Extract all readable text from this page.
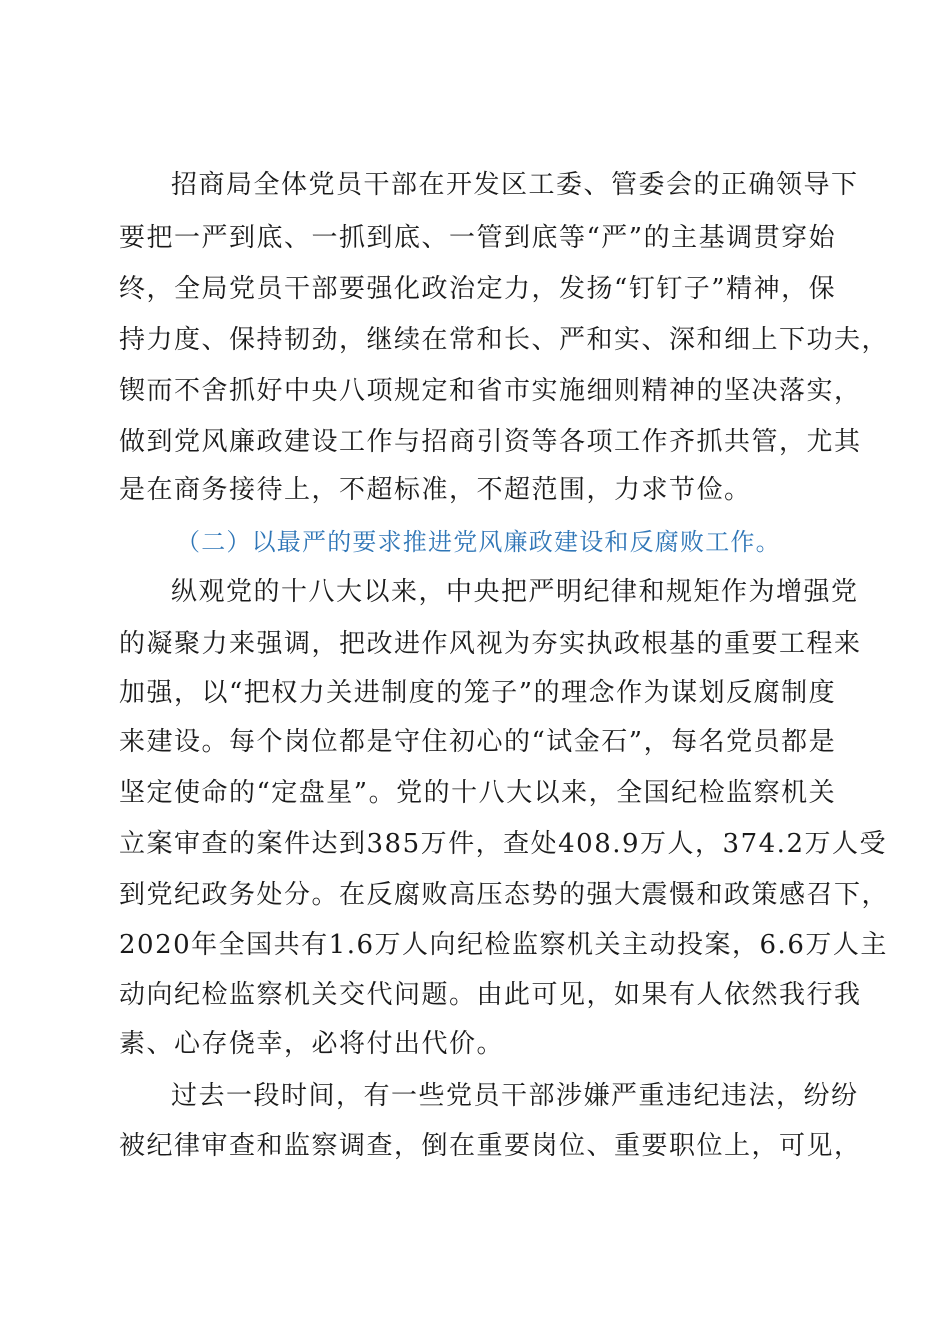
招商局全体党员干部在开发区工委、管委会的正确领导下
要把一严到底、一抓到底、一管到底等“严”的主基调贯穿始
终，全局党员干部要强化政治定力，发扬“钉钉子”精神，保
持力度、保持韧劲，继续在常和长、严和实、深和细上下功夫，
锲而不舍抓好中央八项规定和省市实施细则精神的坚决落实，
做到党风廉政建设工作与招商引资等各项工作齐抓共管，尤其
是在商务接待上，不超标准，不超范围，力求节俭。
（二）以最严的要求推进党风廉政建设和反腐败工作。
纵观党的十八大以来，中央把严明纪律和规矩作为增强党
的凝聚力来强调，把改进作风视为夯实执政根基的重要工程来
加强，以“把权力关进制度的笼子”的理念作为谋划反腐制度
来建设。每个岗位都是守住初心的“试金石”，每名党员都是
坚定使命的“定盘星”。党的十八大以来，全国纪检监察机关
立案审查的案件达到385万件，查处408.9万人，374.2万人受
到党纪政务处分。在反腐败高压态势的强大震慑和政策感召下，
2020年全国共有1.6万人向纪检监察机关主动投案，6.6万人主
动向纪检监察机关交代问题。由此可见，如果有人依然我行我
素、心存侥幸，必将付出代价。
过去一段时间，有一些党员干部涉嫌严重违纪违法，纷纷
被纪律审查和监察调查，倒在重要岗位、重要职位上，可见，
